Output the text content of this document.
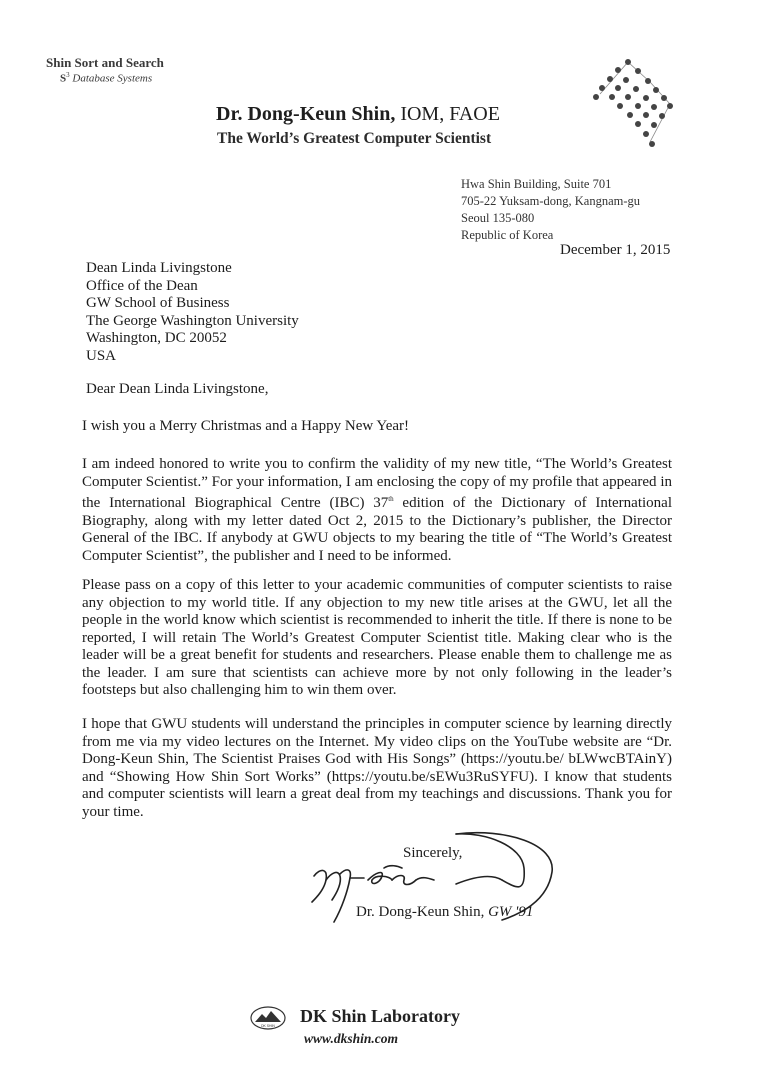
Shin Sort and Search
$S^3$ Database Systems
Dr. Dong-Keun Shin, IOM, FAOE
The World’s Greatest Computer Scientist
Hwa Shin Building, Suite 701
705-22 Yuksam-dong, Kangnam-gu
Seoul 135-080
Republic of Korea
December 1, 2015
Dean Linda Livingstone
Office of the Dean
GW School of Business
The George Washington University
Washington, DC 20052
USA
Dear Dean Linda Livingstone,
I wish you a Merry Christmas and a Happy New Year!
I am indeed honored to write you to confirm the validity of my new title, “The World’s Greatest Computer Scientist.” For your information, I am enclosing the copy of my profile that appeared in the International Biographical Centre (IBC) 37th edition of the Dictionary of International Biography, along with my letter dated Oct 2, 2015 to the Dictionary’s publisher, the Director General of the IBC. If anybody at GWU objects to my bearing the title of “The World’s Greatest Computer Scientist”, the publisher and I need to be informed.
Please pass on a copy of this letter to your academic communities of computer scientists to raise any objection to my world title. If any objection to my new title arises at the GWU, let all the people in the world know which scientist is recommended to inherit the title. If there is none to be reported, I will retain The World’s Greatest Computer Scientist title. Making clear who is the leader will be a great benefit for students and researchers. Please enable them to challenge me as the leader. I am sure that scientists can achieve more by not only following in the leader’s footsteps but also challenging him to win them over.
I hope that GWU students will understand the principles in computer science by learning directly from me via my video lectures on the Internet. My video clips on the YouTube website are “Dr. Dong-Keun Shin, The Scientist Praises God with His Songs” (https://youtu.be/ bLWwcBTAinY) and “Showing How Shin Sort Works” (https://youtu.be/sEWu3RuSYFU). I know that students and computer scientists will learn a great deal from my teachings and discussions. Thank you for your time.
Sincerely,
Dr. Dong-Keun Shin, GW '91
DK SHIN DK Shin Laboratory
www.dkshin.com
